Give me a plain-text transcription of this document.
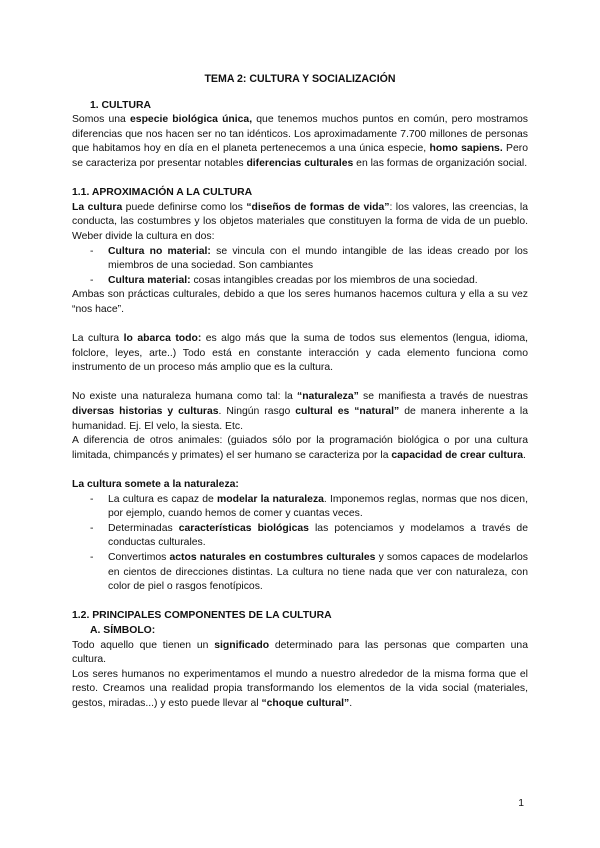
TEMA 2: CULTURA Y SOCIALIZACIÓN
1. CULTURA

Somos una especie biológica única, que tenemos muchos puntos en común, pero mostramos diferencias que nos hacen ser no tan idénticos. Los aproximadamente 7.700 millones de personas que habitamos hoy en día en el planeta pertenecemos a una única especie, homo sapiens. Pero se caracteriza por presentar notables diferencias culturales en las formas de organización social.

1.1. APROXIMACIÓN A LA CULTURA

La cultura puede definirse como los “diseños de formas de vida”: los valores, las creencias, la conducta, las costumbres y los objetos materiales que constituyen la forma de vida de un pueblo. Weber divide la cultura en dos:

- Cultura no material: se vincula con el mundo intangible de las ideas creado por los miembros de una sociedad. Son cambiantes
- Cultura material: cosas intangibles creadas por los miembros de una sociedad.

Ambas son prácticas culturales, debido a que los seres humanos hacemos cultura y ella a su vez “nos hace”.

La cultura lo abarca todo: es algo más que la suma de todos sus elementos (lengua, idioma, folclore, leyes, arte..) Todo está en constante interacción y cada elemento funciona como instrumento de un proceso más amplio que es la cultura.

No existe una naturaleza humana como tal: la “naturaleza” se manifiesta a través de nuestras diversas historias y culturas. Ningún rasgo cultural es “natural” de manera inherente a la humanidad. Ej. El velo, la siesta. Etc.

A diferencia de otros animales: (guiados sólo por la programación biológica o por una cultura limitada, chimpancés y primates) el ser humano se caracteriza por la capacidad de crear cultura.

La cultura somete a la naturaleza:
- La cultura es capaz de modelar la naturaleza. Imponemos reglas, normas que nos dicen, por ejemplo, cuando hemos de comer y cuantas veces.
- Determinadas características biológicas las potenciamos y modelamos a través de conductas culturales.
- Convertimos actos naturales en costumbres culturales y somos capaces de modelarlos en cientos de direcciones distintas. La cultura no tiene nada que ver con naturaleza, con color de piel o rasgos fenotípicos.
1.2. PRINCIPALES COMPONENTES DE LA CULTURA
A. SÍMBOLO:

Todo aquello que tienen un significado determinado para las personas que comparten una cultura.

Los seres humanos no experimentamos el mundo a nuestro alrededor de la misma forma que el resto. Creamos una realidad propia transformando los elementos de la vida social (materiales, gestos, miradas...) y esto puede llevar al “choque cultural”.

1
